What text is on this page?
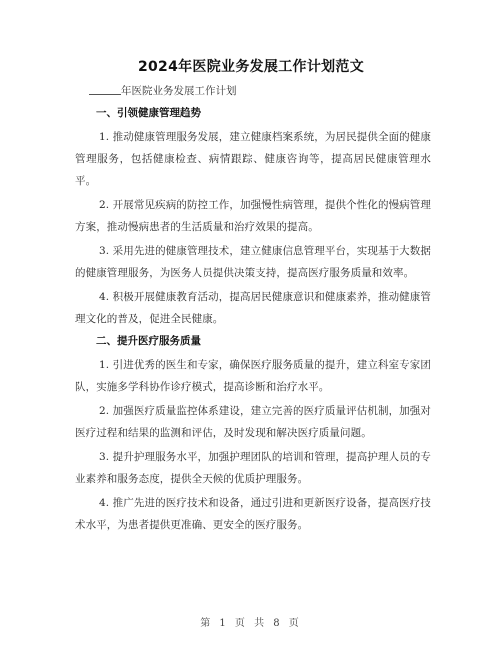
2024年医院业务发展工作计划范文
年医院业务发展工作计划
一、引领健康管理趋势

1. 推动健康管理服务发展，建立健康档案系统，为居民提供全面的健康管理服务，包括健康检查、病情跟踪、健康咨询等，提高居民健康管理水平。

2. 开展常见疾病的防控工作，加强慢性病管理，提供个性化的慢病管理方案，推动慢病患者的生活质量和治疗效果的提高。

3. 采用先进的健康管理技术，建立健康信息管理平台，实现基于大数据的健康管理服务，为医务人员提供决策支持，提高医疗服务质量和效率。

4. 积极开展健康教育活动，提高居民健康意识和健康素养，推动健康管理文化的普及，促进全民健康。

二、提升医疗服务质量

1. 引进优秀的医生和专家，确保医疗服务质量的提升，建立科室专家团队，实施多学科协作诊疗模式，提高诊断和治疗水平。

2. 加强医疗质量监控体系建设，建立完善的医疗质量评估机制，加强对医疗过程和结果的监测和评估，及时发现和解决医疗质量问题。

3. 提升护理服务水平，加强护理团队的培训和管理，提高护理人员的专业素养和服务态度，提供全天候的优质护理服务。

4. 推广先进的医疗技术和设备，通过引进和更新医疗设备，提高医疗技术水平，为患者提供更准确、更安全的医疗服务。

第 1 页 共 8 页
